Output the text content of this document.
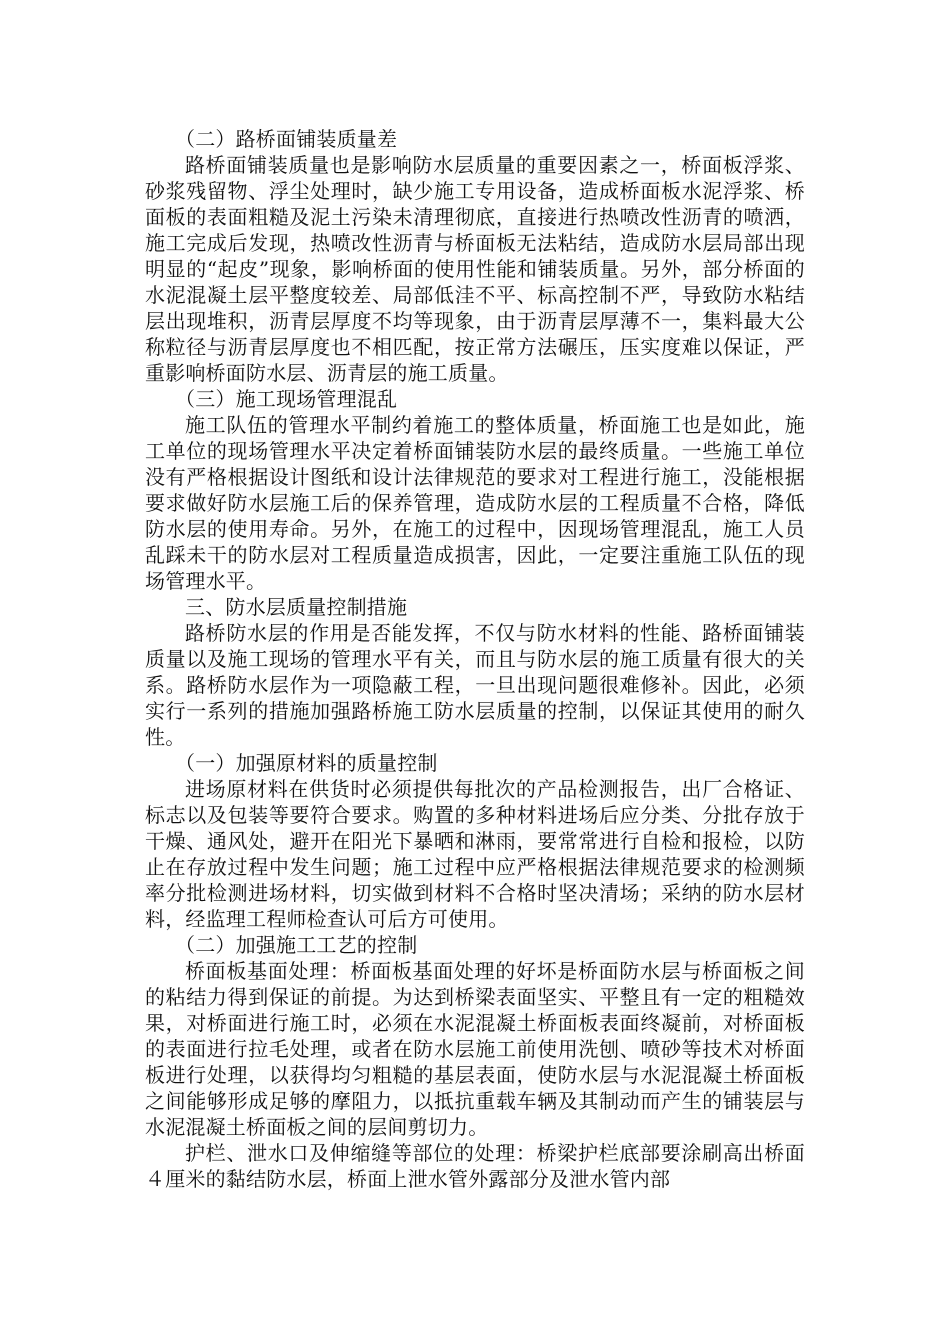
（二）路桥面铺装质量差

路桥面铺装质量也是影响防水层质量的重要因素之一，桥面板浮浆、砂浆残留物、浮尘处理时，缺少施工专用设备，造成桥面板水泥浮浆、桥面板的表面粗糙及泥土污染未清理彻底，直接进行热喷改性沥青的喷洒，施工完成后发现，热喷改性沥青与桥面板无法粘结，造成防水层局部出现明显的“起皮”现象，影响桥面的使用性能和铺装质量。另外，部分桥面的水泥混凝土层平整度较差、局部低洼不平、标高控制不严，导致防水粘结层出现堆积，沥青层厚度不均等现象，由于沥青层厚薄不一，集料最大公称粒径与沥青层厚度也不相匹配，按正常方法碾压，压实度难以保证，严重影响桥面防水层、沥青层的施工质量。

（三）施工现场管理混乱

施工队伍的管理水平制约着施工的整体质量，桥面施工也是如此，施工单位的现场管理水平决定着桥面铺装防水层的最终质量。一些施工单位没有严格根据设计图纸和设计法律规范的要求对工程进行施工，没能根据要求做好防水层施工后的保养管理，造成防水层的工程质量不合格，降低防水层的使用寿命。另外，在施工的过程中，因现场管理混乱，施工人员乱踩未干的防水层对工程质量造成损害，因此，一定要注重施工队伍的现场管理水平。

三、防水层质量控制措施

路桥防水层的作用是否能发挥，不仅与防水材料的性能、路桥面铺装质量以及施工现场的管理水平有关，而且与防水层的施工质量有很大的关系。路桥防水层作为一项隐蔽工程，一旦出现问题很难修补。因此，必须实行一系列的措施加强路桥施工防水层质量的控制，以保证其使用的耐久性。

（一）加强原材料的质量控制

进场原材料在供货时必须提供每批次的产品检测报告，出厂合格证、标志以及包装等要符合要求。购置的多种材料进场后应分类、分批存放于干燥、通风处，避开在阳光下暴晒和淋雨，要常常进行自检和报检，以防止在存放过程中发生问题；施工过程中应严格根据法律规范要求的检测频率分批检测进场材料，切实做到材料不合格时坚决清场；采纳的防水层材料，经监理工程师检查认可后方可使用。

（二）加强施工工艺的控制

桥面板基面处理：桥面板基面处理的好坏是桥面防水层与桥面板之间的粘结力得到保证的前提。为达到桥梁表面坚实、平整且有一定的粗糙效果，对桥面进行施工时，必须在水泥混凝土桥面板表面终凝前，对桥面板的表面进行拉毛处理，或者在防水层施工前使用洗刨、喷砂等技术对桥面板进行处理，以获得均匀粗糙的基层表面，使防水层与水泥混凝土桥面板之间能够形成足够的摩阻力，以抵抗重载车辆及其制动而产生的铺装层与水泥混凝土桥面板之间的层间剪切力。

护栏、泄水口及伸缩缝等部位的处理：桥梁护栏底部要涂刷高出桥面４厘米的黏结防水层，桥面上泄水管外露部分及泄水管内部
